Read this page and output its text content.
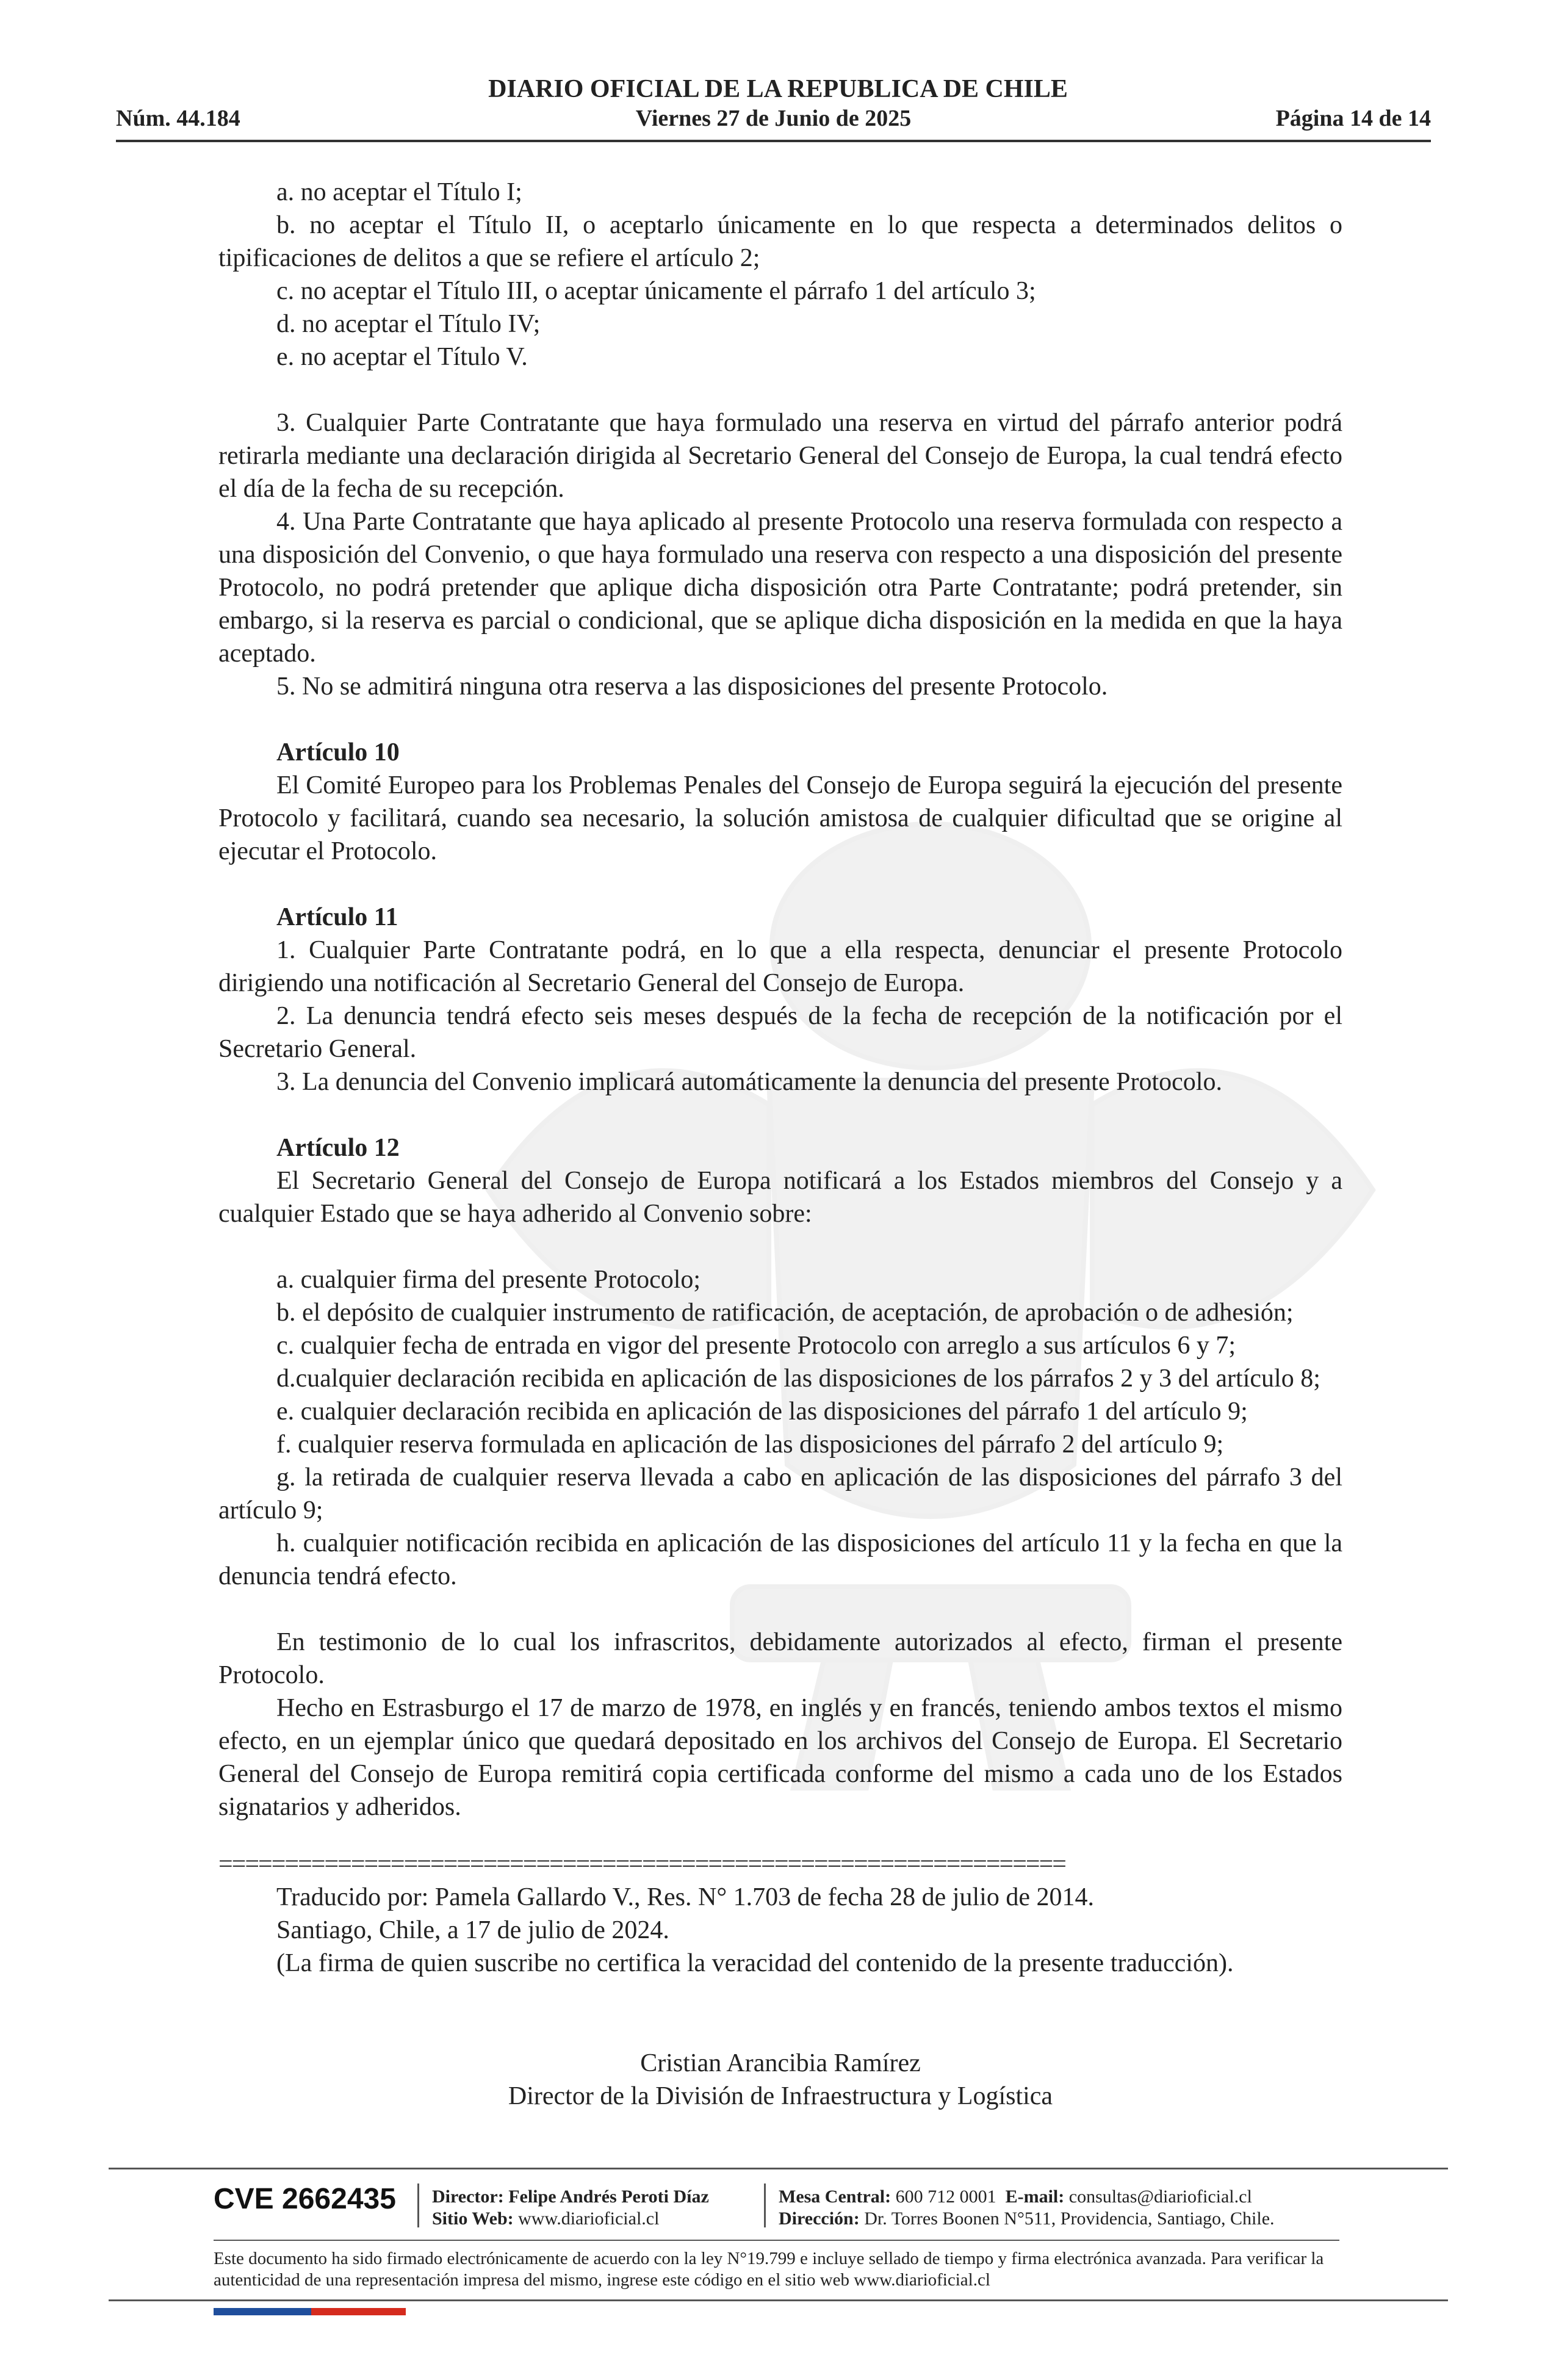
DIARIO OFICIAL DE LA REPUBLICA DE CHILE
Núm. 44.184	Viernes 27 de Junio de 2025	Página 14 de 14

a. no aceptar el Título I;

b. no aceptar el Título II, o aceptarlo únicamente en lo que respecta a determinados delitos o tipificaciones de delitos a que se refiere el artículo 2;

c. no aceptar el Título III, o aceptar únicamente el párrafo 1 del artículo 3;

d. no aceptar el Título IV;

e. no aceptar el Título V.

3. Cualquier Parte Contratante que haya formulado una reserva en virtud del párrafo anterior podrá retirarla mediante una declaración dirigida al Secretario General del Consejo de Europa, la cual tendrá efecto el día de la fecha de su recepción.

4. Una Parte Contratante que haya aplicado al presente Protocolo una reserva formulada con respecto a una disposición del Convenio, o que haya formulado una reserva con respecto a una disposición del presente Protocolo, no podrá pretender que aplique dicha disposición otra Parte Contratante; podrá pretender, sin embargo, si la reserva es parcial o condicional, que se aplique dicha disposición en la medida en que la haya aceptado.

5. No se admitirá ninguna otra reserva a las disposiciones del presente Protocolo.

Artículo 10

El Comité Europeo para los Problemas Penales del Consejo de Europa seguirá la ejecución del presente Protocolo y facilitará, cuando sea necesario, la solución amistosa de cualquier dificultad que se origine al ejecutar el Protocolo.

Artículo 11

1. Cualquier Parte Contratante podrá, en lo que a ella respecta, denunciar el presente Protocolo dirigiendo una notificación al Secretario General del Consejo de Europa.

2. La denuncia tendrá efecto seis meses después de la fecha de recepción de la notificación por el Secretario General.

3. La denuncia del Convenio implicará automáticamente la denuncia del presente Protocolo.

Artículo 12

El Secretario General del Consejo de Europa notificará a los Estados miembros del Consejo y a cualquier Estado que se haya adherido al Convenio sobre:

a. cualquier firma del presente Protocolo;

b. el depósito de cualquier instrumento de ratificación, de aceptación, de aprobación o de adhesión;

c. cualquier fecha de entrada en vigor del presente Protocolo con arreglo a sus artículos 6 y 7;

d.cualquier declaración recibida en aplicación de las disposiciones de los párrafos 2 y 3 del artículo 8;

e. cualquier declaración recibida en aplicación de las disposiciones del párrafo 1 del artículo 9;

f. cualquier reserva formulada en aplicación de las disposiciones del párrafo 2 del artículo 9;

g. la retirada de cualquier reserva llevada a cabo en aplicación de las disposiciones del párrafo 3 del artículo 9;

h. cualquier notificación recibida en aplicación de las disposiciones del artículo 11 y la fecha en que la denuncia tendrá efecto.

En testimonio de lo cual los infrascritos, debidamente autorizados al efecto, firman el presente Protocolo.

Hecho en Estrasburgo el 17 de marzo de 1978, en inglés y en francés, teniendo ambos textos el mismo efecto, en un ejemplar único que quedará depositado en los archivos del Consejo de Europa. El Secretario General del Consejo de Europa remitirá copia certificada conforme del mismo a cada uno de los Estados signatarios y adheridos.

================================================================

Traducido por: Pamela Gallardo V., Res. N° 1.703 de fecha 28 de julio de 2014.

Santiago, Chile, a 17 de julio de 2024.

(La firma de quien suscribe no certifica la veracidad del contenido de la presente traducción).

Cristian Arancibia Ramírez

Director de la División de Infraestructura y Logística

CVE 2662435 Director: Felipe Andrés Peroti Díaz
Sitio Web: www.diarioficial.cl
Mesa Central: 600 712 0001 E-mail: consultas@diarioficial.cl
Dirección: Dr. Torres Boonen N°511, Providencia, Santiago, Chile.
Este documento ha sido firmado electrónicamente de acuerdo con la ley N°19.799 e incluye sellado de tiempo y firma electrónica avanzada. Para verificar la autenticidad de una representación impresa del mismo, ingrese este código en el sitio web www.diarioficial.cl
